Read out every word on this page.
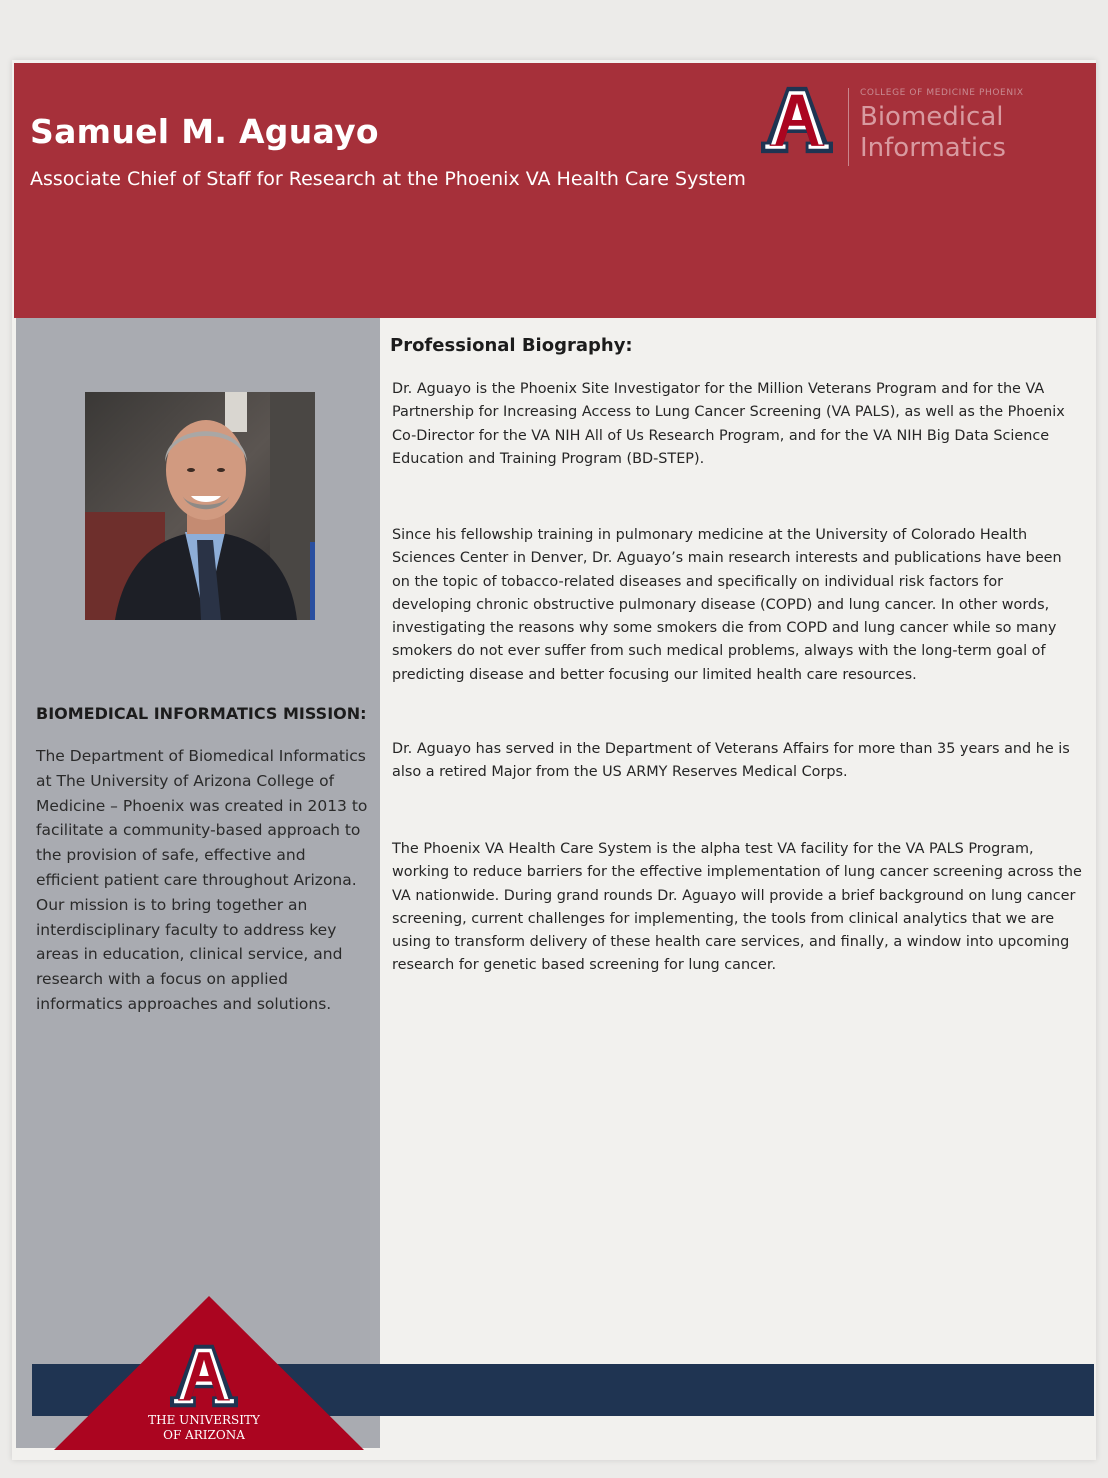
Samuel M. Aguayo
Associate Chief of Staff for Research at the Phoenix VA Health Care System
COLLEGE OF MEDICINE PHOENIX
Biomedical Informatics
BIOMEDICAL INFORMATICS MISSION:
The Department of Biomedical Informatics at The University of Arizona College of Medicine – Phoenix was created in 2013 to facilitate a community-based approach to the provision of safe, effective and efficient patient care throughout Arizona. Our mission is to bring together an interdisciplinary faculty to address key areas in education, clinical service, and research with a focus on applied informatics approaches and solutions.
THE UNIVERSITY
OF ARIZONA
Professional Biography:
Dr. Aguayo is the Phoenix Site Investigator for the Million Veterans Program and for the VA Partnership for Increasing Access to Lung Cancer Screening (VA PALS), as well as the Phoenix Co-Director for the VA NIH All of Us Research Program, and for the VA NIH Big Data Science Education and Training Program (BD-STEP).
Since his fellowship training in pulmonary medicine at the University of Colorado Health Sciences Center in Denver, Dr. Aguayo’s main research interests and publications have been on the topic of tobacco-related diseases and specifically on individual risk factors for developing chronic obstructive pulmonary disease (COPD) and lung cancer. In other words, investigating the reasons why some smokers die from COPD and lung cancer while so many smokers do not ever suffer from such medical problems, always with the long-term goal of predicting disease and better focusing our limited health care resources.
Dr. Aguayo has served in the Department of Veterans Affairs for more than 35 years and he is also a retired Major from the US ARMY Reserves Medical Corps.
The Phoenix VA Health Care System is the alpha test VA facility for the VA PALS Program, working to reduce barriers for the effective implementation of lung cancer screening across the VA nationwide. During grand rounds Dr. Aguayo will provide a brief background on lung cancer screening, current challenges for implementing, the tools from clinical analytics that we are using to transform delivery of these health care services, and finally, a window into upcoming research for genetic based screening for lung cancer.
